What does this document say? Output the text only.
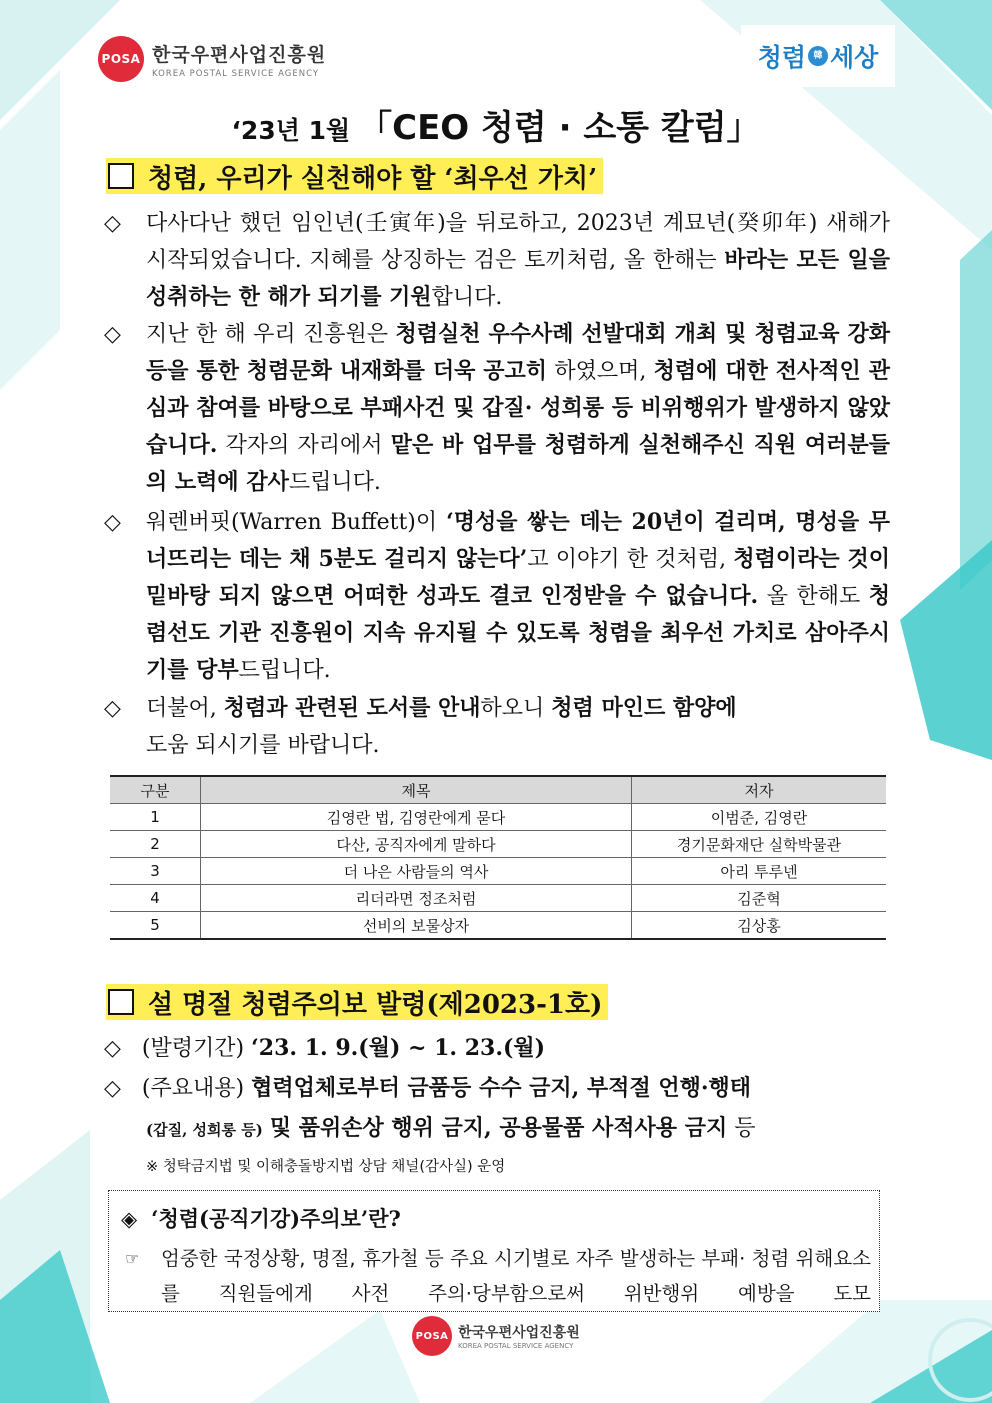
POSA 한국우편사업진흥원
KOREA POSTAL SERVICE AGENCY
청렴 韓 세상
‘23년 1월 「CEO 청렴 · 소통 칼럼」
청렴, 우리가 실천해야 할 ‘최우선 가치’
◇	다사다난 했던 임인년(壬寅年)을 뒤로하고, 2023년 계묘년(癸卯年) 새해가 시작되었습니다. 지혜를 상징하는 검은 토끼처럼, 올 한해는 바라는 모든 일을 성취하는 한 해가 되기를 기원합니다.
◇	지난 한 해 우리 진흥원은 청렴실천 우수사례 선발대회 개최 및 청렴교육 강화 등을 통한 청렴문화 내재화를 더욱 공고히 하였으며, 청렴에 대한 전사적인 관심과 참여를 바탕으로 부패사건 및 갑질· 성희롱 등 비위행위가 발생하지 않았습니다. 각자의 자리에서 맡은 바 업무를 청렴하게 실천해주신 직원 여러분들의 노력에 감사드립니다.
◇	워렌버핏(Warren Buffett)이 ‘명성을 쌓는 데는 20년이 걸리며, 명성을 무너뜨리는 데는 채 5분도 걸리지 않는다’고 이야기 한 것처럼, 청렴이라는 것이 밑바탕 되지 않으면 어떠한 성과도 결코 인정받을 수 없습니다. 올 한해도 청렴선도 기관 진흥원이 지속 유지될 수 있도록 청렴을 최우선 가치로 삼아주시기를 당부드립니다.
◇	더불어, 청렴과 관련된 도서를 안내하오니 청렴 마인드 함양에
도움 되시기를 바랍니다.
구분	제목	저자
1	김영란 법, 김영란에게 묻다	이범준, 김영란
2	다산, 공직자에게 말하다	경기문화재단 실학박물관
3	더 나은 사람들의 역사	아리 투루넨
4	리더라면 정조처럼	김준혁
5	선비의 보물상자	김상홍
설 명절 청렴주의보 발령(제2023-1호)
◇ (발령기간) ‘23. 1. 9.(월) ~ 1. 23.(월)
◇ (주요내용) 협력업체로부터 금품등 수수 금지, 부적절 언행·행태
(갑질, 성희롱 등) 및 품위손상 행위 금지, 공용물품 사적사용 금지 등
※ 청탁금지법 및 이해충돌방지법 상담 채널(감사실) 운영
◈ ‘청렴(공직기강)주의보’란?
☞ 엄중한 국정상황, 명절, 휴가철 등 주요 시기별로 자주 발생하는 부패· 청렴 위해요소를 직원들에게 사전 주의·당부함으로써 위반행위 예방을 도모
POSA 한국우편사업진흥원
KOREA POSTAL SERVICE AGENCY
